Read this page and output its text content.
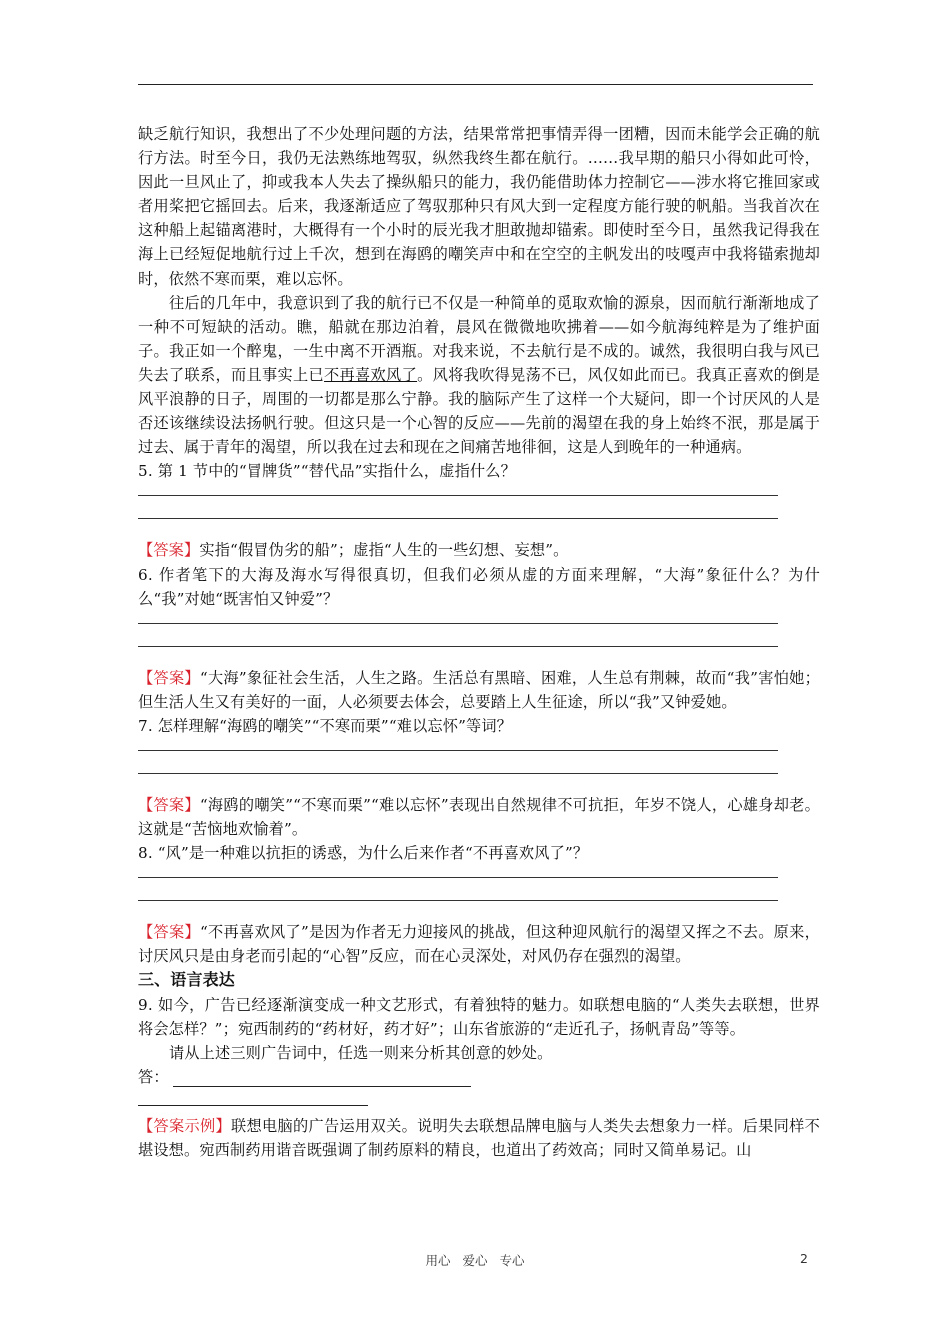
缺乏航行知识，我想出了不少处理问题的方法，结果常常把事情弄得一团糟，因而未能学会正确的航行方法。时至今日，我仍无法熟练地驾驭，纵然我终生都在航行。……我早期的船只小得如此可怜，因此一旦风止了，抑或我本人失去了操纵船只的能力，我仍能借助体力控制它——涉水将它推回家或者用桨把它摇回去。后来，我逐渐适应了驾驭那种只有风大到一定程度方能行驶的帆船。当我首次在这种船上起锚离港时，大概得有一个小时的辰光我才胆敢抛却锚索。即使时至今日，虽然我记得我在海上已经短促地航行过上千次，想到在海鸥的嘲笑声中和在空空的主帆发出的吱嘎声中我将锚索抛却时，依然不寒而栗，难以忘怀。

往后的几年中，我意识到了我的航行已不仅是一种简单的觅取欢愉的源泉，因而航行渐渐地成了一种不可短缺的活动。瞧，船就在那边泊着，晨风在微微地吹拂着——如今航海纯粹是为了维护面子。我正如一个醉鬼，一生中离不开酒瓶。对我来说，不去航行是不成的。诚然，我很明白我与风已失去了联系，而且事实上已不再喜欢风了。风将我吹得晃荡不已，风仅如此而已。我真正喜欢的倒是风平浪静的日子，周围的一切都是那么宁静。我的脑际产生了这样一个大疑问，即一个讨厌风的人是否还该继续设法扬帆行驶。但这只是一个心智的反应——先前的渴望在我的身上始终不泯，那是属于过去、属于青年的渴望，所以我在过去和现在之间痛苦地徘徊，这是人到晚年的一种通病。

5. 第 1 节中的“冒牌货”“替代品”实指什么，虚指什么？

【答案】实指“假冒伪劣的船”；虚指“人生的一些幻想、妄想”。

6. 作者笔下的大海及海水写得很真切，但我们必须从虚的方面来理解，“大海”象征什么？为什么“我”对她“既害怕又钟爱”？

【答案】“大海”象征社会生活，人生之路。生活总有黑暗、困难，人生总有荆棘，故而“我”害怕她；但生活人生又有美好的一面，人必须要去体会，总要踏上人生征途，所以“我”又钟爱她。

7. 怎样理解“海鸥的嘲笑”“不寒而栗”“难以忘怀”等词？

【答案】“海鸥的嘲笑”“不寒而栗”“难以忘怀”表现出自然规律不可抗拒，年岁不饶人，心雄身却老。这就是“苦恼地欢愉着”。

8. “风”是一种难以抗拒的诱惑，为什么后来作者“不再喜欢风了”？

【答案】“不再喜欢风了”是因为作者无力迎接风的挑战，但这种迎风航行的渴望又挥之不去。原来，讨厌风只是由身老而引起的“心智”反应，而在心灵深处，对风仍存在强烈的渴望。

三、语言表达

9. 如今，广告已经逐渐演变成一种文艺形式，有着独特的魅力。如联想电脑的“人类失去联想，世界将会怎样？”；宛西制药的“药材好，药才好”；山东省旅游的“走近孔子，扬帆青岛”等等。

请从上述三则广告词中，任选一则来分析其创意的妙处。

答：

【答案示例】联想电脑的广告运用双关。说明失去联想品牌电脑与人类失去想象力一样。后果同样不堪设想。宛西制药用谐音既强调了制药原料的精良，也道出了药效高；同时又简单易记。山

用心 爱心 专心	2
